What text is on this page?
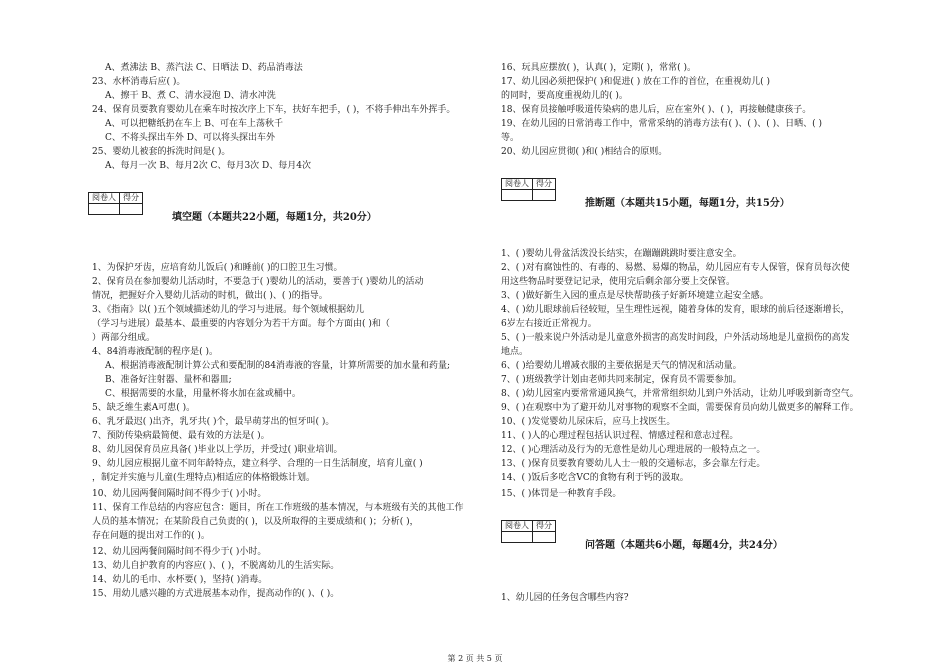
A、煮沸法 B、蒸汽法 C、日晒法 D、药品消毒法
23、水杯消毒后应( )。
A、可以把糖纸扔在车上 B、可在车上荡秋千
A、擦干 B、煮 C、清水浸泡 D、清水冲洗
24、保育员要教育婴幼儿在乘车时按次序上下车，扶好车把手，( )，不将手伸出车外挥手。
C、不将头探出车外 D、可以将头探出车外
25、婴幼儿被套的拆洗时间是( )。
A、每月一次 B、每月2次 C、每月3次 D、每月4次
阅卷人	得分

填空题（本题共22小题，每题1分，共20分）
1、为保护牙齿，应培育幼儿饭后( )和睡前( )的口腔卫生习惯。
2、保育员在参加婴幼儿活动时，不要急于( )婴幼儿的活动，要善于( )婴幼儿的活动
情况，把握好介入婴幼儿活动的时机，做出( )、( )的指导。
3、《指南》以( )五个领域描述幼儿的学习与进展。每个领域根据幼儿
（学习与进展）最基本、最重要的内容划分为若干方面。每个方面由( )和（
）两部分组成。
4、84消毒液配制的程序是( )。
A、根据消毒液配制计算公式和要配制的84消毒液的容量，计算所需要的加水量和药量;
B、准备好注射器、量杯和器皿;
C、根据需要的水量，用量杯将水加在盆或桶中。
5、缺乏维生素A可患( )。
6、乳牙最迟( )出齐，乳牙共( )个，最早萌芽出的恒牙叫( )。
7、预防传染病最简便、最有效的方法是( )。
8、幼儿园保育员应具备( )毕业以上学历，并受过( )职业培训。
9、幼儿园应根据儿童不同年龄特点，建立科学、合理的一日生活制度，培育儿童( )
，制定并实施与儿童(生理特点)相适应的体格锻炼计划。
10、幼儿园两餐间隔时间不得少于( )小时。
11、保育工作总结的内容应包含：题目，所在工作班级的基本情况，与本班级有关的其他工作
人员的基本情况；在某阶段自己负责的( )，以及所取得的主要成绩和( )；分析( )，
存在问题的提出对工作的( )。
12、幼儿园两餐间隔时间不得少于( )小时。
13、幼儿自护教育的内容应( )、( )，不脱离幼儿的生活实际。
14、幼儿的毛巾、水杯要( )，坚持( )消毒。
15、用幼儿感兴趣的方式进展基本动作，提高动作的( )、( )。
16、玩具应摆放( )，认真( )，定期( )，常常( )。
17、幼儿园必须把保护( )和促进( ) 放在工作的首位，在重视幼儿( )
的同时，要高度重视幼儿的( )。
18、保育员接触呼吸道传染病的患儿后，应在室外( )、( )，再接触健康孩子。
19、在幼儿园的日常消毒工作中，常常采纳的消毒方法有( )、( )、( )、日晒、( )
等。
20、幼儿园应贯彻( )和( )相结合的原则。
阅卷人	得分

推断题（本题共15小题，每题1分，共15分）
1、( )婴幼儿骨盆活泼没长结实，在蹦蹦跳跳时要注意安全。
2、( )对有腐蚀性的、有毒的、易燃、易爆的物品，幼儿园应有专人保管，保育员每次使
用这些物品时要登记记录，使用完后剩余部分要上交保管。
3、( )做好新生入园的重点是尽快帮助孩子好新环境建立起安全感。
4、( )幼儿眼球前后径较短，呈生理性远视，随着身体的发育，眼球的前后径逐渐增长，
6岁左右接近正常视力。
5、( )一般来说户外活动是儿童意外损害的高发时间段，户外活动场地是儿童损伤的高发
地点。
6、( )给婴幼儿增减衣服的主要依据是天气的情况和活动量。
7、( )班级教学计划由老师共同来制定，保育员不需要参加。
8、( )幼儿园室内要常常通风换气，并常常组织幼儿到户外活动，让幼儿呼吸到新奇空气。
9、( )在观察中为了避开幼儿对事物的观察不全面，需要保育员向幼儿做更多的解释工作。
10、( )发觉婴幼儿尿床后，应马上找医生。
11、( )人的心理过程包括认识过程、情感过程和意志过程。
12、( )心理活动及行为的无意性是幼儿心理进展的一般特点之一。
13、( )保育员要教育婴幼儿人士一般的交通标志，多会靠左行走。
14、( )饭后多吃含VC的食物有利于钙的汲取。
15、( )体罚是一种教育手段。
阅卷人	得分

问答题（本题共6小题，每题4分，共24分）
1、幼儿园的任务包含哪些内容?
第 2 页 共 5 页
